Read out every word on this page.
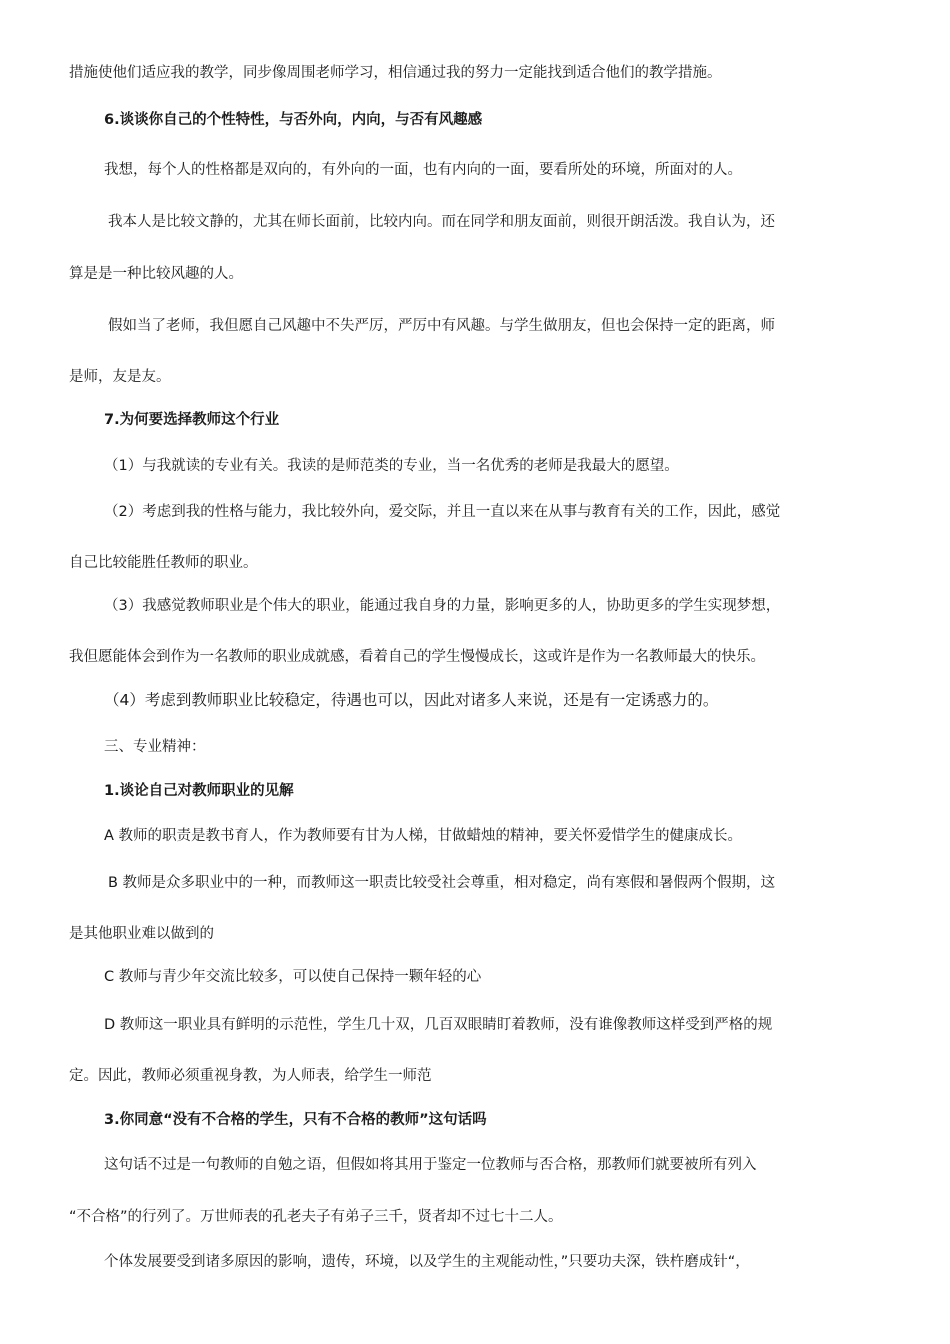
措施使他们适应我的教学，同步像周围老师学习，相信通过我的努力一定能找到适合他们的教学措施。
6.谈谈你自己的个性特性，与否外向，内向，与否有风趣感
我想，每个人的性格都是双向的，有外向的一面，也有内向的一面，要看所处的环境，所面对的人。
我本人是比较文静的，尤其在师长面前，比较内向。而在同学和朋友面前，则很开朗活泼。我自认为，还
算是是一种比较风趣的人。
假如当了老师，我但愿自己风趣中不失严厉，严厉中有风趣。与学生做朋友，但也会保持一定的距离，师
是师，友是友。
7.为何要选择教师这个行业
（1）与我就读的专业有关。我读的是师范类的专业，当一名优秀的老师是我最大的愿望。
（2）考虑到我的性格与能力，我比较外向，爱交际，并且一直以来在从事与教育有关的工作，因此，感觉
自己比较能胜任教师的职业。
（3）我感觉教师职业是个伟大的职业，能通过我自身的力量，影响更多的人，协助更多的学生实现梦想，
我但愿能体会到作为一名教师的职业成就感，看着自己的学生慢慢成长，这或许是作为一名教师最大的快乐。
（4）考虑到教师职业比较稳定，待遇也可以，因此对诸多人来说，还是有一定诱惑力的。
三、专业精神：
1.谈论自己对教师职业的见解
A 教师的职责是教书育人，作为教师要有甘为人梯，甘做蜡烛的精神，要关怀爱惜学生的健康成长。
B 教师是众多职业中的一种，而教师这一职责比较受社会尊重，相对稳定，尚有寒假和暑假两个假期，这
是其他职业难以做到的
C 教师与青少年交流比较多，可以使自己保持一颗年轻的心
D 教师这一职业具有鲜明的示范性，学生几十双，几百双眼睛盯着教师，没有谁像教师这样受到严格的规
定。因此，教师必须重视身教，为人师表，给学生一师范
3.你同意“没有不合格的学生，只有不合格的教师”这句话吗
这句话不过是一句教师的自勉之语，但假如将其用于鉴定一位教师与否合格，那教师们就要被所有列入
“不合格”的行列了。万世师表的孔老夫子有弟子三千，贤者却不过七十二人。
个体发展要受到诸多原因的影响，遗传，环境，以及学生的主观能动性，”只要功夫深，铁杵磨成针“，
